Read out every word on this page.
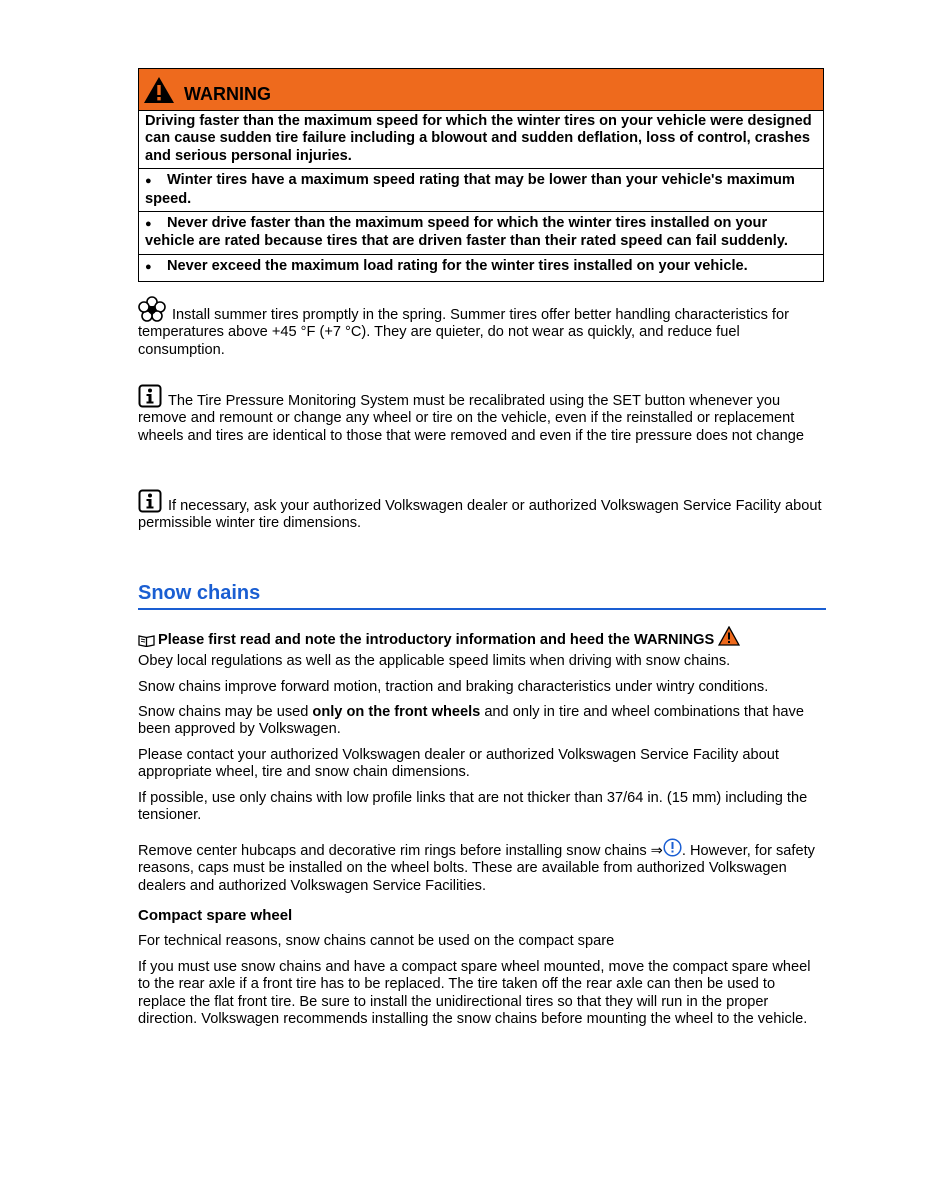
WARNING
Driving faster than the maximum speed for which the winter tires on your vehicle were designed can cause sudden tire failure including a blowout and sudden deflation, loss of control, crashes and serious personal injuries.
● Winter tires have a maximum speed rating that may be lower than your vehicle's maximum speed.
● Never drive faster than the maximum speed for which the winter tires installed on your vehicle are rated because tires that are driven faster than their rated speed can fail suddenly.
● Never exceed the maximum load rating for the winter tires installed on your vehicle.
Install summer tires promptly in the spring. Summer tires offer better handling characteristics for temperatures above +45 °F (+7 °C). They are quieter, do not wear as quickly, and reduce fuel consumption.
The Tire Pressure Monitoring System must be recalibrated using the SET button whenever you remove and remount or change any wheel or tire on the vehicle, even if the reinstalled or replacement wheels and tires are identical to those that were removed and even if the tire pressure does not change
If necessary, ask your authorized Volkswagen dealer or authorized Volkswagen Service Facility about permissible winter tire dimensions.
Snow chains
Please first read and note the introductory information and heed the WARNINGS

Obey local regulations as well as the applicable speed limits when driving with snow chains.

Snow chains improve forward motion, traction and braking characteristics under wintry conditions.

Snow chains may be used only on the front wheels and only in tire and wheel combinations that have been approved by Volkswagen.

Please contact your authorized Volkswagen dealer or authorized Volkswagen Service Facility about appropriate wheel, tire and snow chain dimensions.

If possible, use only chains with low profile links that are not thicker than 37/64 in. (15 mm) including the tensioner.

Remove center hubcaps and decorative rim rings before installing snow chains ⇒ . However, for safety reasons, caps must be installed on the wheel bolts. These are available from authorized Volkswagen dealers and authorized Volkswagen Service Facilities.

Compact spare wheel

For technical reasons, snow chains cannot be used on the compact spare

If you must use snow chains and have a compact spare wheel mounted, move the compact spare wheel to the rear axle if a front tire has to be replaced. The tire taken off the rear axle can then be used to replace the flat front tire. Be sure to install the unidirectional tires so that they will run in the proper direction. Volkswagen recommends installing the snow chains before mounting the wheel to the vehicle.
